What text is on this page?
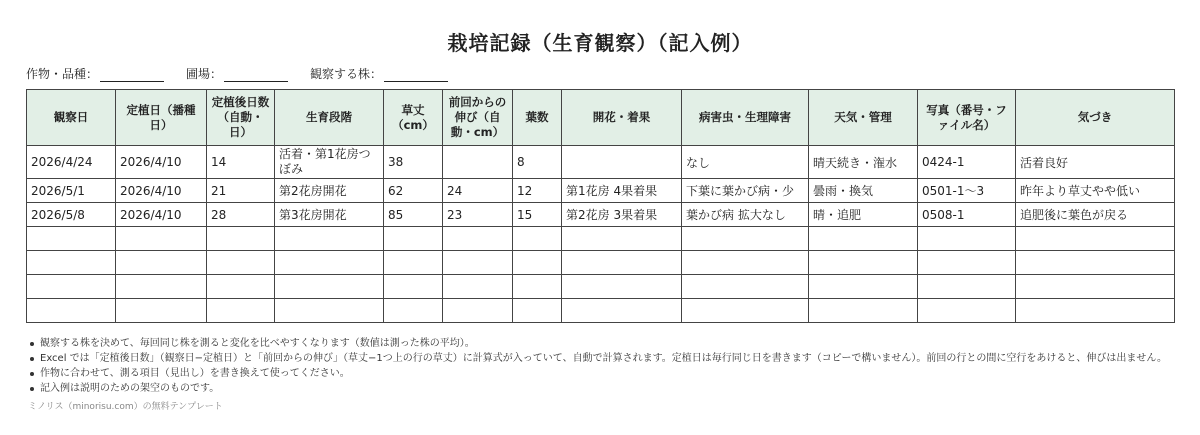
栽培記録（生育観察）（記入例）
作物・品種：	圃場：	観察する株：
観察日	定植日（播種日）	定植後日数（自動・日）	生育段階	草丈（cm）	前回からの伸び（自動・cm）	葉数	開花・着果	病害虫・生理障害	天気・管理	写真（番号・ファイル名）	気づき
2026/4/24	2026/4/10	14	活着・第1花房つぼみ	38		8		なし	晴天続き・潅水	0424-1	活着良好
2026/5/1	2026/4/10	21	第2花房開花	62	24	12	第1花房 4果着果	下葉に葉かび病・少	曇雨・換気	0501-1〜3	昨年より草丈やや低い
2026/5/8	2026/4/10	28	第3花房開花	85	23	15	第2花房 3果着果	葉かび病 拡大なし	晴・追肥	0508-1	追肥後に葉色が戻る

観察する株を決めて、毎回同じ株を測ると変化を比べやすくなります（数値は測った株の平均）。
Excel では「定植後日数」（観察日−定植日）と「前回からの伸び」（草丈−1つ上の行の草丈）に計算式が入っていて、自動で計算されます。定植日は毎行同じ日を書きます（コピーで構いません）。前回の行との間に空行をあけると、伸びは出ません。
作物に合わせて、測る項目（見出し）を書き換えて使ってください。
記入例は説明のための架空のものです。
ミノリス（minorisu.com）の無料テンプレート
